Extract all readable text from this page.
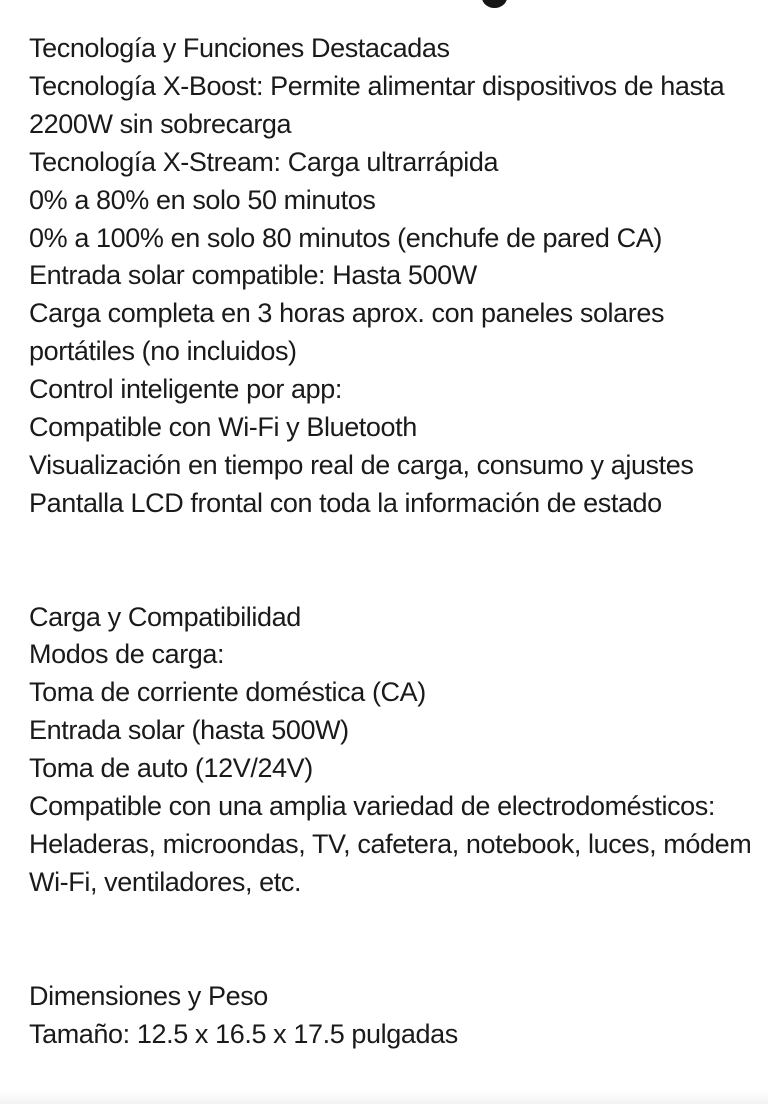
Tecnología y Funciones Destacadas
Tecnología X-Boost: Permite alimentar dispositivos de hasta
2200W sin sobrecarga
Tecnología X-Stream: Carga ultrarrápida
0% a 80% en solo 50 minutos
0% a 100% en solo 80 minutos (enchufe de pared CA)
Entrada solar compatible: Hasta 500W
Carga completa en 3 horas aprox. con paneles solares
portátiles (no incluidos)
Control inteligente por app:
Compatible con Wi-Fi y Bluetooth
Visualización en tiempo real de carga, consumo y ajustes
Pantalla LCD frontal con toda la información de estado
Carga y Compatibilidad
Modos de carga:
Toma de corriente doméstica (CA)
Entrada solar (hasta 500W)
Toma de auto (12V/24V)
Compatible con una amplia variedad de electrodomésticos:
Heladeras, microondas, TV, cafetera, notebook, luces, módem
Wi-Fi, ventiladores, etc.
Dimensiones y Peso
Tamaño: 12.5 x 16.5 x 17.5 pulgadas
